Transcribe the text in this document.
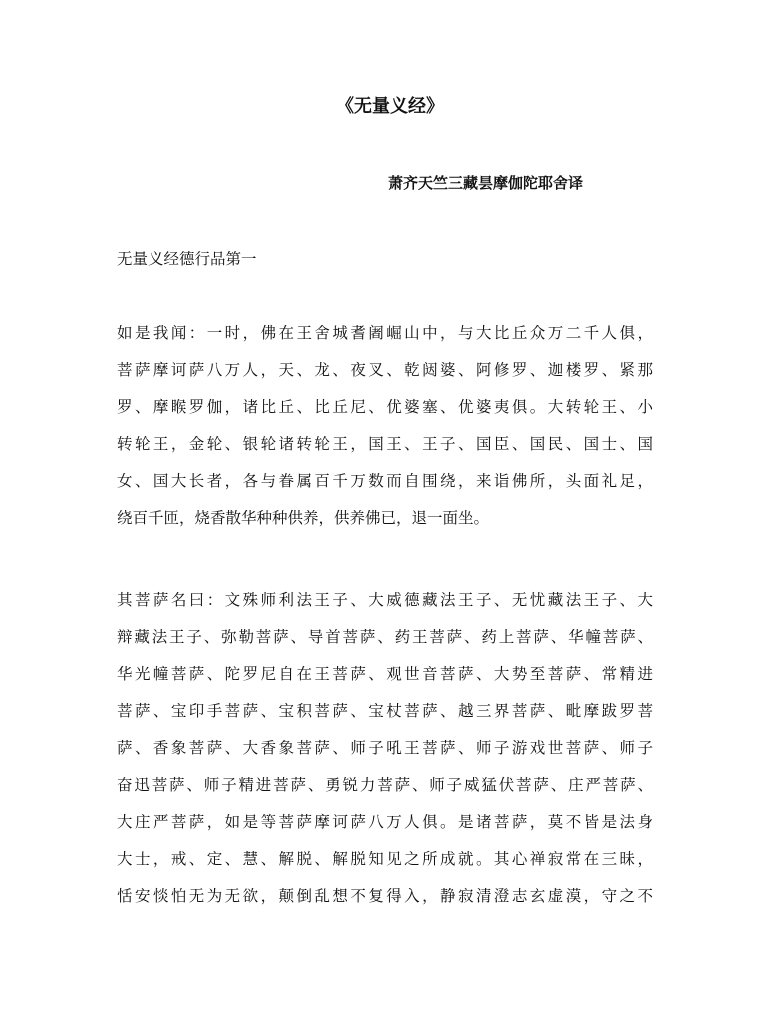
《无量义经》
萧齐天竺三藏昙摩伽陀耶舍译
无量义经德行品第一
如是我闻：一时，佛在王舍城耆阇崛山中，与大比丘众万二千人俱，
菩萨摩诃萨八万人，天、龙、夜叉、乾闼婆、阿修罗、迦楼罗、紧那
罗、摩睺罗伽，诸比丘、比丘尼、优婆塞、优婆夷俱。大转轮王、小
转轮王，金轮、银轮诸转轮王，国王、王子、国臣、国民、国士、国
女、国大长者，各与眷属百千万数而自围绕，来诣佛所，头面礼足，
绕百千匝，烧香散华种种供养，供养佛已，退一面坐。
其菩萨名曰：文殊师利法王子、大威德藏法王子、无忧藏法王子、大
辩藏法王子、弥勒菩萨、导首菩萨、药王菩萨、药上菩萨、华幢菩萨、
华光幢菩萨、陀罗尼自在王菩萨、观世音菩萨、大势至菩萨、常精进
菩萨、宝印手菩萨、宝积菩萨、宝杖菩萨、越三界菩萨、毗摩跋罗菩
萨、香象菩萨、大香象菩萨、师子吼王菩萨、师子游戏世菩萨、师子
奋迅菩萨、师子精进菩萨、勇锐力菩萨、师子威猛伏菩萨、庄严菩萨、
大庄严菩萨，如是等菩萨摩诃萨八万人俱。是诸菩萨，莫不皆是法身
大士，戒、定、慧、解脱、解脱知见之所成就。其心禅寂常在三昧，
恬安惔怕无为无欲，颠倒乱想不复得入，静寂清澄志玄虚漠，守之不
